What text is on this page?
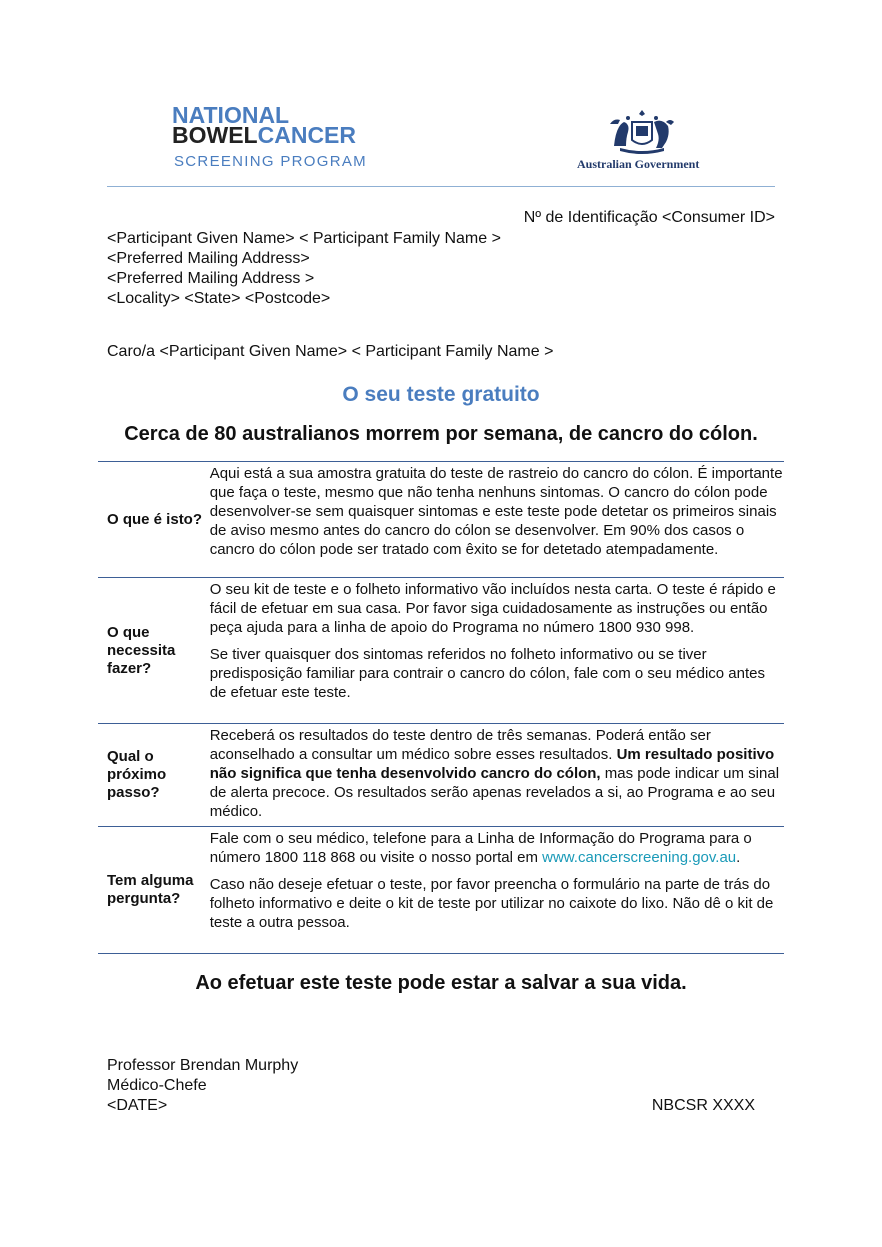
NATIONAL
BOWELCANCER
SCREENING PROGRAM	Australian Government
Nº de Identificação <Consumer ID>
<Participant Given Name> < Participant Family Name >
<Preferred Mailing Address>
<Preferred Mailing Address >
<Locality> <State> <Postcode>
Caro/a <Participant Given Name> < Participant Family Name >
O seu teste gratuito
Cerca de 80 australianos morrem por semana, de cancro do cólon.
O que é isto?

Aqui está a sua amostra gratuita do teste de rastreio do cancro do cólon. É importante que faça o teste, mesmo que não tenha nenhuns sintomas. O cancro do cólon pode desenvolver-se sem quaisquer sintomas e este teste pode detetar os primeiros sinais de aviso mesmo antes do cancro do cólon se desenvolver. Em 90% dos casos o cancro do cólon pode ser tratado com êxito se for detetado atempadamente.

O que necessita fazer?

O seu kit de teste e o folheto informativo vão incluídos nesta carta. O teste é rápido e fácil de efetuar em sua casa. Por favor siga cuidadosamente as instruções ou então peça ajuda para a linha de apoio do Programa no número 1800 930 998.

Se tiver quaisquer dos sintomas referidos no folheto informativo ou se tiver predisposição familiar para contrair o cancro do cólon, fale com o seu médico antes de efetuar este teste.

Qual o próximo passo?

Receberá os resultados do teste dentro de três semanas. Poderá então ser aconselhado a consultar um médico sobre esses resultados. Um resultado positivo não significa que tenha desenvolvido cancro do cólon, mas pode indicar um sinal de alerta precoce. Os resultados serão apenas revelados a si, ao Programa e ao seu médico.

Tem alguma pergunta?

Fale com o seu médico, telefone para a Linha de Informação do Programa para o número 1800 118 868 ou visite o nosso portal em www.cancerscreening.gov.au.

Caso não deseje efetuar o teste, por favor preencha o formulário na parte de trás do folheto informativo e deite o kit de teste por utilizar no caixote do lixo. Não dê o kit de teste a outra pessoa.

Ao efetuar este teste pode estar a salvar a sua vida.
Professor Brendan Murphy
Médico-Chefe
<DATE>	NBCSR XXXX
